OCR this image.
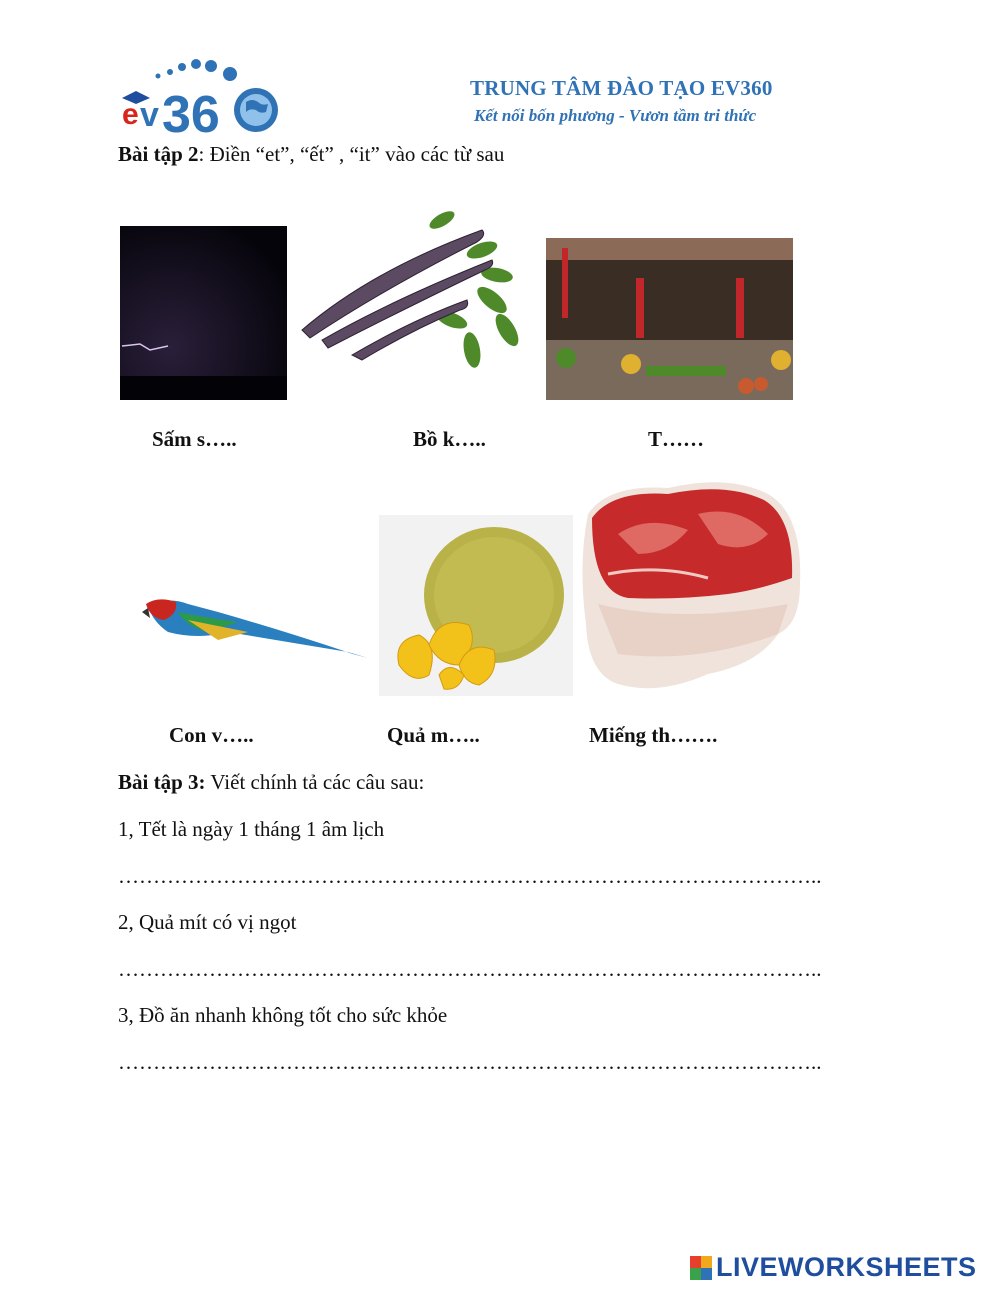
e v 36	TRUNG TÂM ĐÀO TẠO EV360
Kết nối bốn phương - Vươn tầm tri thức
Bài tập 2: Điền “et”, “ết” , “it” vào các từ sau
Sấm s…..	Bồ k…..	T……
Con v…..	Quả m…..	Miếng th…….
Bài tập 3: Viết chính tả các câu sau:
1, Tết là ngày 1 tháng 1 âm lịch
………………………………………………………………………………………..
2, Quả mít có vị ngọt
………………………………………………………………………………………..
3, Đồ ăn nhanh không tốt cho sức khỏe
………………………………………………………………………………………..
LIVEWORKSHEETS
